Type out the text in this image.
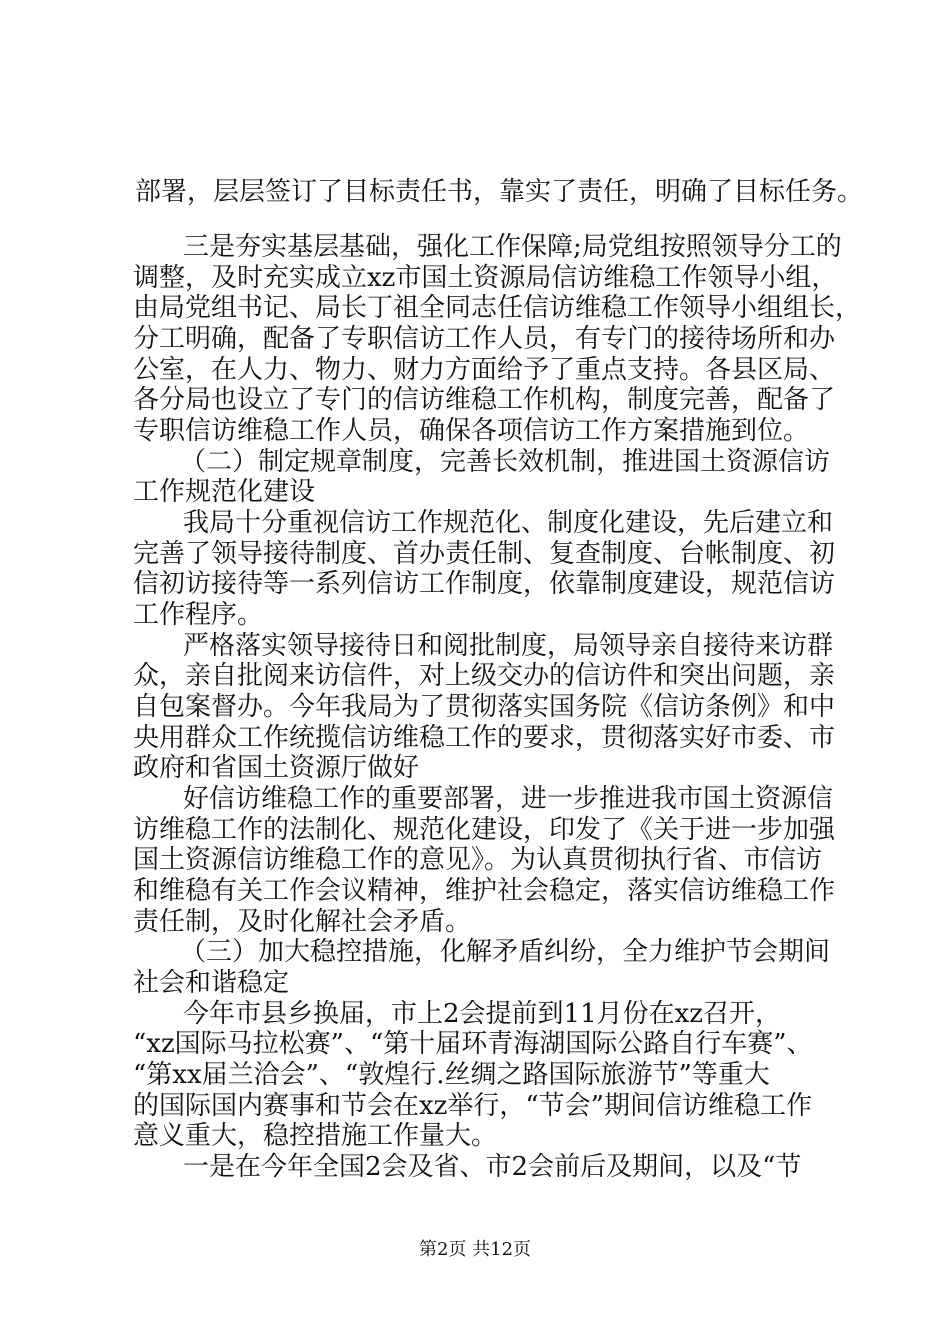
部署，层层签订了目标责任书，靠实了责任，明确了目标任务。
三是夯实基层基础，强化工作保障;局党组按照领导分工的
调整，及时充实成立xz市国土资源局信访维稳工作领导小组，
由局党组书记、局长丁祖全同志任信访维稳工作领导小组组长，
分工明确，配备了专职信访工作人员，有专门的接待场所和办
公室，在人力、物力、财力方面给予了重点支持。各县区局、
各分局也设立了专门的信访维稳工作机构，制度完善，配备了
专职信访维稳工作人员，确保各项信访工作方案措施到位。
（二）制定规章制度，完善长效机制，推进国土资源信访
工作规范化建设
我局十分重视信访工作规范化、制度化建设，先后建立和
完善了领导接待制度、首办责任制、复查制度、台帐制度、初
信初访接待等一系列信访工作制度，依靠制度建设，规范信访
工作程序。
严格落实领导接待日和阅批制度，局领导亲自接待来访群
众，亲自批阅来访信件，对上级交办的信访件和突出问题，亲
自包案督办。今年我局为了贯彻落实国务院《信访条例》和中
央用群众工作统揽信访维稳工作的要求，贯彻落实好市委、市
政府和省国土资源厅做好
好信访维稳工作的重要部署，进一步推进我市国土资源信
访维稳工作的法制化、规范化建设，印发了《关于进一步加强
国土资源信访维稳工作的意见》。为认真贯彻执行省、市信访
和维稳有关工作会议精神，维护社会稳定，落实信访维稳工作
责任制，及时化解社会矛盾。
（三）加大稳控措施，化解矛盾纠纷，全力维护节会期间
社会和谐稳定
今年市县乡换届，市上2会提前到11月份在xz召开，
“xz国际马拉松赛”、“第十届环青海湖国际公路自行车赛”、
“第xx届兰洽会”、“敦煌行.丝绸之路国际旅游节”等重大
的国际国内赛事和节会在xz举行，“节会”期间信访维稳工作
意义重大，稳控措施工作量大。
一是在今年全国2会及省、市2会前后及期间，以及“节
第2页 共12页
